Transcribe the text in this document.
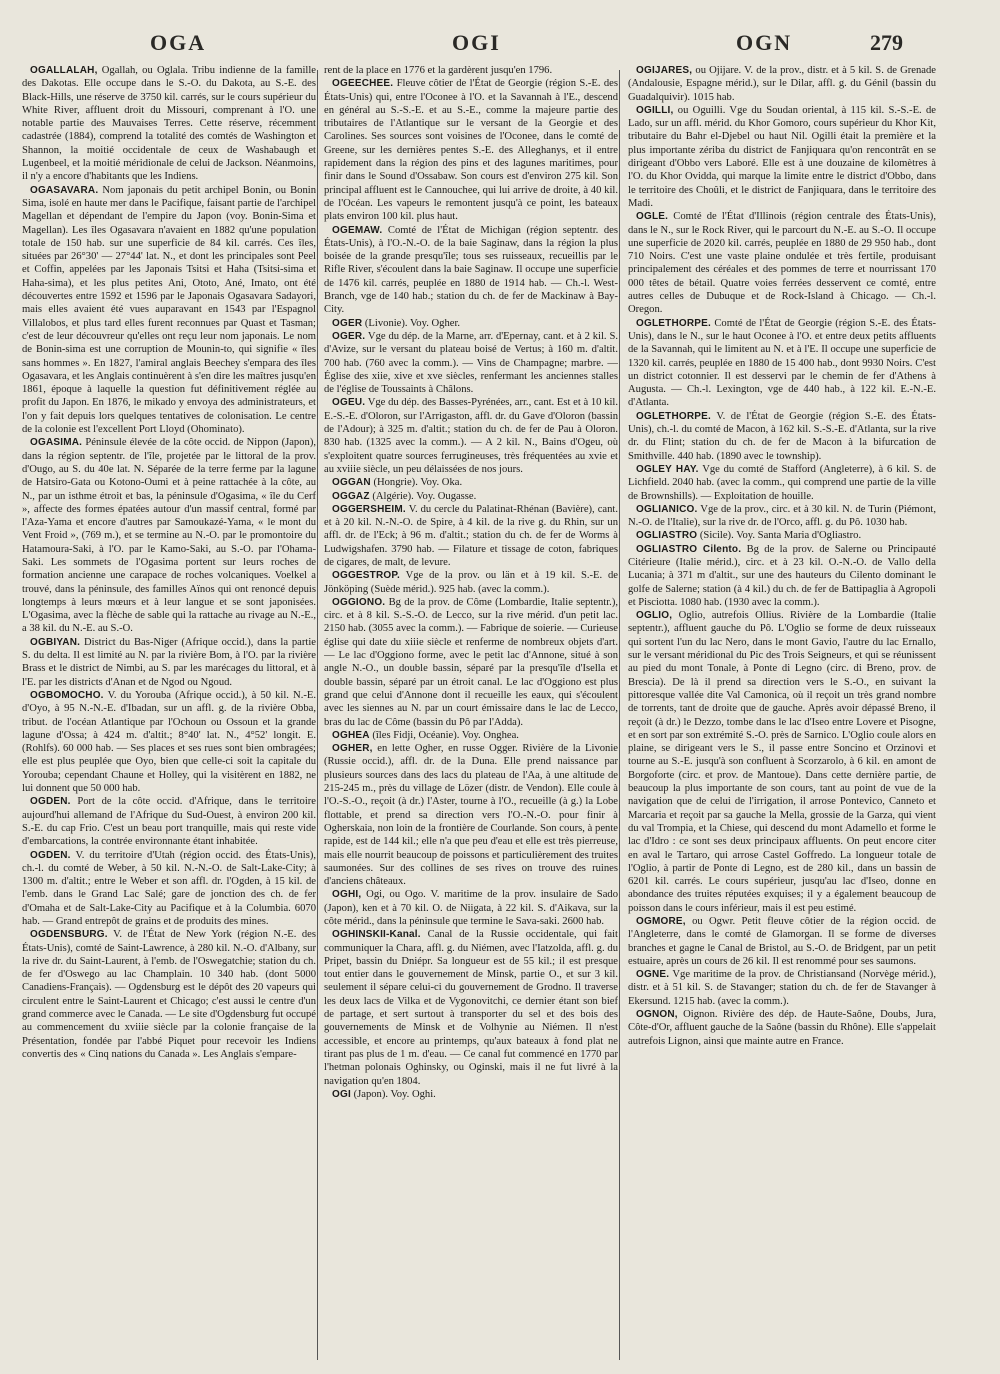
OGA	OGI	OGN	279

OGALLALAH, Ogallah, ou Oglala. Tribu indienne de la famille des Dakotas. Elle occupe dans le S.-O. du Dakota, au S.-E. des Black-Hills, une réserve de 3750 kil. carrés, sur le cours supérieur du White River, affluent droit du Missouri, comprenant à l'O. une notable partie des Mauvaises Terres. Cette réserve, récemment cadastrée (1884), comprend la totalité des comtés de Washington et Shannon, la moitié occidentale de ceux de Washabaugh et Lugenbeel, et la moitié méridionale de celui de Jackson. Néanmoins, il n'y a encore d'habitants que les Indiens.

OGASAVARA. Nom japonais du petit archipel Bonin, ou Bonin Sima, isolé en haute mer dans le Pacifique, faisant partie de l'archipel Magellan et dépendant de l'empire du Japon (voy. Bonin-Sima et Magellan). Les îles Ogasavara n'avaient en 1882 qu'une population totale de 150 hab. sur une superficie de 84 kil. carrés. Ces îles, situées par 26°30' — 27°44' lat. N., et dont les principales sont Peel et Coffin, appelées par les Japonais Tsitsi et Haha (Tsitsi-sima et Haha-sima), et les plus petites Ani, Ototo, Ané, Imato, ont été découvertes entre 1592 et 1596 par le Japonais Ogasavara Sadayori, mais elles avaient été vues auparavant en 1543 par l'Espagnol Villalobos, et plus tard elles furent reconnues par Quast et Tasman; c'est de leur découvreur qu'elles ont reçu leur nom japonais. Le nom de Bonin-sima est une corruption de Mounin-to, qui signifie « îles sans hommes ». En 1827, l'amiral anglais Beechey s'empara des îles Ogasavara, et les Anglais continuèrent à s'en dire les maîtres jusqu'en 1861, époque à laquelle la question fut définitivement réglée au profit du Japon. En 1876, le mikado y envoya des administrateurs, et l'on y fait depuis lors quelques tentatives de colonisation. Le centre de la colonie est l'excellent Port Lloyd (Ohominato).

OGASIMA. Péninsule élevée de la côte occid. de Nippon (Japon), dans la région septentr. de l'île, projetée par le littoral de la prov. d'Ougo, au S. du 40e lat. N. Séparée de la terre ferme par la lagune de Hatsiro-Gata ou Kotono-Oumi et à peine rattachée à la côte, au N., par un isthme étroit et bas, la péninsule d'Ogasima, « île du Cerf », affecte des formes épatées autour d'un massif central, formé par l'Aza-Yama et encore d'autres par Samoukazé-Yama, « le mont du Vent Froid », (769 m.), et se termine au N.-O. par le promontoire du Hatamoura-Saki, à l'O. par le Kamo-Saki, au S.-O. par l'Ohama-Saki. Les sommets de l'Ogasima portent sur leurs roches de formation ancienne une carapace de roches volcaniques. Voelkel a trouvé, dans la péninsule, des familles Aïnos qui ont renoncé depuis longtemps à leurs mœurs et à leur langue et se sont japonisées. L'Ogasima, avec la flèche de sable qui la rattache au rivage au N.-E., a 38 kil. du N.-E. au S.-O.

OGBIYAN. District du Bas-Niger (Afrique occid.), dans la partie S. du delta. Il est limité au N. par la rivière Bom, à l'O. par la rivière Brass et le district de Nimbi, au S. par les marécages du littoral, et à l'E. par les districts d'Anan et de Ngod ou Ngoud.

OGBOMOCHO. V. du Yorouba (Afrique occid.), à 50 kil. N.-E. d'Oyo, à 95 N.-N.-E. d'Ibadan, sur un affl. g. de la rivière Obba, tribut. de l'océan Atlantique par l'Ochoun ou Ossoun et la grande lagune d'Ossa; à 424 m. d'altit.; 8°40' lat. N., 4°52' longit. E. (Rohlfs). 60 000 hab. — Ses places et ses rues sont bien ombragées; elle est plus peuplée que Oyo, bien que celle-ci soit la capitale du Yorouba; cependant Chaune et Holley, qui la visitèrent en 1882, ne lui donnent que 50 000 hab.

OGDEN. Port de la côte occid. d'Afrique, dans le territoire aujourd'hui allemand de l'Afrique du Sud-Ouest, à environ 200 kil. S.-E. du cap Frio. C'est un beau port tranquille, mais qui reste vide d'embarcations, la contrée environnante étant inhabitée.

OGDEN. V. du territoire d'Utah (région occid. des États-Unis), ch.-l. du comté de Weber, à 50 kil. N.-N.-O. de Salt-Lake-City; à 1300 m. d'altit.; entre le Weber et son affl. dr. l'Ogden, à 15 kil. de l'emb. dans le Grand Lac Salé; gare de jonction des ch. de fer d'Omaha et de Salt-Lake-City au Pacifique et à la Columbia. 6070 hab. — Grand entrepôt de grains et de produits des mines.

OGDENSBURG. V. de l'État de New York (région N.-E. des États-Unis), comté de Saint-Lawrence, à 280 kil. N.-O. d'Albany, sur la rive dr. du Saint-Laurent, à l'emb. de l'Oswegatchie; station du ch. de fer d'Oswego au lac Champlain. 10 340 hab. (dont 5000 Canadiens-Français). — Ogdensburg est le dépôt des 20 vapeurs qui circulent entre le Saint-Laurent et Chicago; c'est aussi le centre d'un grand commerce avec le Canada. — Le site d'Ogdensburg fut occupé au commencement du xviiie siècle par la colonie française de la Présentation, fondée par l'abbé Piquet pour recevoir les Indiens convertis des « Cinq nations du Canada ». Les Anglais s'empare-

rent de la place en 1776 et la gardèrent jusqu'en 1796.

OGEECHEE. Fleuve côtier de l'État de Georgie (région S.-E. des États-Unis) qui, entre l'Oconee à l'O. et la Savannah à l'E., descend en général au S.-S.-E. et au S.-E., comme la majeure partie des tributaires de l'Atlantique sur le versant de la Georgie et des Carolines. Ses sources sont voisines de l'Oconee, dans le comté de Greene, sur les dernières pentes S.-E. des Alleghanys, et il entre rapidement dans la région des pins et des lagunes maritimes, pour finir dans le Sound d'Ossabaw. Son cours est d'environ 275 kil. Son principal affluent est le Cannouchee, qui lui arrive de droite, à 40 kil. de l'Océan. Les vapeurs le remontent jusqu'à ce point, les bateaux plats environ 100 kil. plus haut.

OGEMAW. Comté de l'État de Michigan (région septentr. des États-Unis), à l'O.-N.-O. de la baie Saginaw, dans la région la plus boisée de la grande presqu'île; tous ses ruisseaux, recueillis par le Rifle River, s'écoulent dans la baie Saginaw. Il occupe une superficie de 1476 kil. carrés, peuplée en 1880 de 1914 hab. — Ch.-l. West-Branch, vge de 140 hab.; station du ch. de fer de Mackinaw à Bay-City.

OGER (Livonie). Voy. Ogher.

OGER. Vge du dép. de la Marne, arr. d'Epernay, cant. et à 2 kil. S. d'Avize, sur le versant du plateau boisé de Vertus; à 160 m. d'altit. 700 hab. (760 avec la comm.). — Vins de Champagne; marbre. — Église des xiie, xive et xve siècles, renfermant les anciennes stalles de l'église de Toussaints à Châlons.

OGEU. Vge du dép. des Basses-Pyrénées, arr., cant. Est et à 10 kil. E.-S.-E. d'Oloron, sur l'Arrigaston, affl. dr. du Gave d'Oloron (bassin de l'Adour); à 325 m. d'altit.; station du ch. de fer de Pau à Oloron. 830 hab. (1325 avec la comm.). — A 2 kil. N., Bains d'Ogeu, où s'exploitent quatre sources ferrugineuses, très fréquentées au xvie et au xviiie siècle, un peu délaissées de nos jours.

OGGAN (Hongrie). Voy. Oka.

OGGAZ (Algérie). Voy. Ougasse.

OGGERSHEIM. V. du cercle du Palatinat-Rhénan (Bavière), cant. et à 20 kil. N.-N.-O. de Spire, à 4 kil. de la rive g. du Rhin, sur un affl. dr. de l'Eck; à 96 m. d'altit.; station du ch. de fer de Worms à Ludwigshafen. 3790 hab. — Filature et tissage de coton, fabriques de cigares, de malt, de levure.

OGGESTROP. Vge de la prov. ou län et à 19 kil. S.-E. de Jönköping (Suède mérid.). 925 hab. (avec la comm.).

OGGIONO. Bg de la prov. de Côme (Lombardie, Italie septentr.), circ. et à 8 kil. S.-S.-O. de Lecco, sur la rive mérid. d'un petit lac. 2150 hab. (3055 avec la comm.). — Fabrique de soierie. — Curieuse église qui date du xiiie siècle et renferme de nombreux objets d'art. — Le lac d'Oggiono forme, avec le petit lac d'Annone, situé à son angle N.-O., un double bassin, séparé par la presqu'île d'Isella et double bassin, séparé par un étroit canal. Le lac d'Oggiono est plus grand que celui d'Annone dont il recueille les eaux, qui s'écoulent avec les siennes au N. par un court émissaire dans le lac de Lecco, bras du lac de Côme (bassin du Pô par l'Adda).

OGHEA (îles Fidji, Océanie). Voy. Onghea.

OGHER, en lette Ogher, en russe Ogger. Rivière de la Livonie (Russie occid.), affl. dr. de la Duna. Elle prend naissance par plusieurs sources dans des lacs du plateau de l'Aa, à une altitude de 215-245 m., près du village de Lözer (distr. de Vendon). Elle coule à l'O.-S.-O., reçoit (à dr.) l'Aster, tourne à l'O., recueille (à g.) la Lobe flottable, et prend sa direction vers l'O.-N.-O. pour finir à Ogherskaia, non loin de la frontière de Courlande. Son cours, à pente rapide, est de 144 kil.; elle n'a que peu d'eau et elle est très pierreuse, mais elle nourrit beaucoup de poissons et particulièrement des truites saumonées. Sur des collines de ses rives on trouve des ruines d'anciens châteaux.

OGHI, Ogi, ou Ogo. V. maritime de la prov. insulaire de Sado (Japon), ken et à 70 kil. O. de Niigata, à 22 kil. S. d'Aikava, sur la côte mérid., dans la péninsule que termine le Sava-saki. 2600 hab.

OGHINSKII-Kanal. Canal de la Russie occidentale, qui fait communiquer la Chara, affl. g. du Niémen, avec l'Iatzolda, affl. g. du Pripet, bassin du Dniépr. Sa longueur est de 55 kil.; il est presque tout entier dans le gouvernement de Minsk, partie O., et sur 3 kil. seulement il sépare celui-ci du gouvernement de Grodno. Il traverse les deux lacs de Vilka et de Vygonovitchi, ce dernier étant son bief de partage, et sert surtout à transporter du sel et des bois des gouvernements de Minsk et de Volhynie au Niémen. Il n'est accessible, et encore au printemps, qu'aux bateaux à fond plat ne tirant pas plus de 1 m. d'eau. — Ce canal fut commencé en 1770 par l'hetman polonais Oghinsky, ou Oginski, mais il ne fut livré à la navigation qu'en 1804.

OGI (Japon). Voy. Oghi.

OGIJARES, ou Ojijare. V. de la prov., distr. et à 5 kil. S. de Grenade (Andalousie, Espagne mérid.), sur le Dilar, affl. g. du Génil (bassin du Guadalquivir). 1015 hab.

OGILLI, ou Oguilli. Vge du Soudan oriental, à 115 kil. S.-S.-E. de Lado, sur un affl. mérid. du Khor Gomoro, cours supérieur du Khor Kit, tributaire du Bahr el-Djebel ou haut Nil. Ogilli était la première et la plus importante zériba du district de Fanjiquara qu'on rencontrât en se dirigeant d'Obbo vers Laboré. Elle est à une douzaine de kilomètres à l'O. du Khor Ovidda, qui marque la limite entre le district d'Obbo, dans le territoire des Choûli, et le district de Fanjiquara, dans le territoire des Madi.

OGLE. Comté de l'État d'Illinois (région centrale des États-Unis), dans le N., sur le Rock River, qui le parcourt du N.-E. au S.-O. Il occupe une superficie de 2020 kil. carrés, peuplée en 1880 de 29 950 hab., dont 710 Noirs. C'est une vaste plaine ondulée et très fertile, produisant principalement des céréales et des pommes de terre et nourrissant 170 000 têtes de bétail. Quatre voies ferrées desservent ce comté, entre autres celles de Dubuque et de Rock-Island à Chicago. — Ch.-l. Oregon.

OGLETHORPE. Comté de l'État de Georgie (région S.-E. des États-Unis), dans le N., sur le haut Oconee à l'O. et entre deux petits affluents de la Savannah, qui le limitent au N. et à l'E. Il occupe une superficie de 1320 kil. carrés, peuplée en 1880 de 15 400 hab., dont 9930 Noirs. C'est un district cotonnier. Il est desservi par le chemin de fer d'Athens à Augusta. — Ch.-l. Lexington, vge de 440 hab., à 122 kil. E.-N.-E. d'Atlanta.

OGLETHORPE. V. de l'État de Georgie (région S.-E. des États-Unis), ch.-l. du comté de Macon, à 162 kil. S.-S.-E. d'Atlanta, sur la rive dr. du Flint; station du ch. de fer de Macon à la bifurcation de Smithville. 440 hab. (1890 avec le township).

OGLEY HAY. Vge du comté de Stafford (Angleterre), à 6 kil. S. de Lichfield. 2040 hab. (avec la comm., qui comprend une partie de la ville de Brownshills). — Exploitation de houille.

OGLIANICO. Vge de la prov., circ. et à 30 kil. N. de Turin (Piémont, N.-O. de l'Italie), sur la rive dr. de l'Orco, affl. g. du Pô. 1030 hab.

OGLIASTRO (Sicile). Voy. Santa Maria d'Ogliastro.

OGLIASTRO Cilento. Bg de la prov. de Salerne ou Principauté Citérieure (Italie mérid.), circ. et à 23 kil. O.-N.-O. de Vallo della Lucania; à 371 m d'altit., sur une des hauteurs du Cilento dominant le golfe de Salerne; station (à 4 kil.) du ch. de fer de Battipaglia à Agropoli et Pisciotta. 1080 hab. (1930 avec la comm.).

OGLIO, Oglio, autrefois Ollius. Rivière de la Lombardie (Italie septentr.), affluent gauche du Pô. L'Oglio se forme de deux ruisseaux qui sortent l'un du lac Nero, dans le mont Gavio, l'autre du lac Ernallo, sur le versant méridional du Pic des Trois Seigneurs, et qui se réunissent au pied du mont Tonale, à Ponte di Legno (circ. di Breno, prov. de Brescia). De là il prend sa direction vers le S.-O., en suivant la pittoresque vallée dite Val Camonica, où il reçoit un très grand nombre de torrents, tant de droite que de gauche. Après avoir dépassé Breno, il reçoit (à dr.) le Dezzo, tombe dans le lac d'Iseo entre Lovere et Pisogne, et en sort par son extrémité S.-O. près de Sarnico. L'Oglio coule alors en plaine, se dirigeant vers le S., il passe entre Soncino et Orzinovi et tourne au S.-E. jusqu'à son confluent à Scorzarolo, à 6 kil. en amont de Borgoforte (circ. et prov. de Mantoue). Dans cette dernière partie, de beaucoup la plus importante de son cours, tant au point de vue de la navigation que de celui de l'irrigation, il arrose Pontevico, Canneto et Marcaria et reçoit par sa gauche la Mella, grossie de la Garza, qui vient du val Trompia, et la Chiese, qui descend du mont Adamello et forme le lac d'Idro : ce sont ses deux principaux affluents. On peut encore citer en aval le Tartaro, qui arrose Castel Goffredo. La longueur totale de l'Oglio, à partir de Ponte di Legno, est de 280 kil., dans un bassin de 6201 kil. carrés. Le cours supérieur, jusqu'au lac d'Iseo, donne en abondance des truites réputées exquises; il y a également beaucoup de poisson dans le cours inférieur, mais il est peu estimé.

OGMORE, ou Ogwr. Petit fleuve côtier de la région occid. de l'Angleterre, dans le comté de Glamorgan. Il se forme de diverses branches et gagne le Canal de Bristol, au S.-O. de Bridgent, par un petit estuaire, après un cours de 26 kil. Il est renommé pour ses saumons.

OGNE. Vge maritime de la prov. de Christiansand (Norvège mérid.), distr. et à 51 kil. S. de Stavanger; station du ch. de fer de Stavanger à Ekersund. 1215 hab. (avec la comm.).

OGNON, Oignon. Rivière des dép. de Haute-Saône, Doubs, Jura, Côte-d'Or, affluent gauche de la Saône (bassin du Rhône). Elle s'appelait autrefois Lignon, ainsi que mainte autre en France.
